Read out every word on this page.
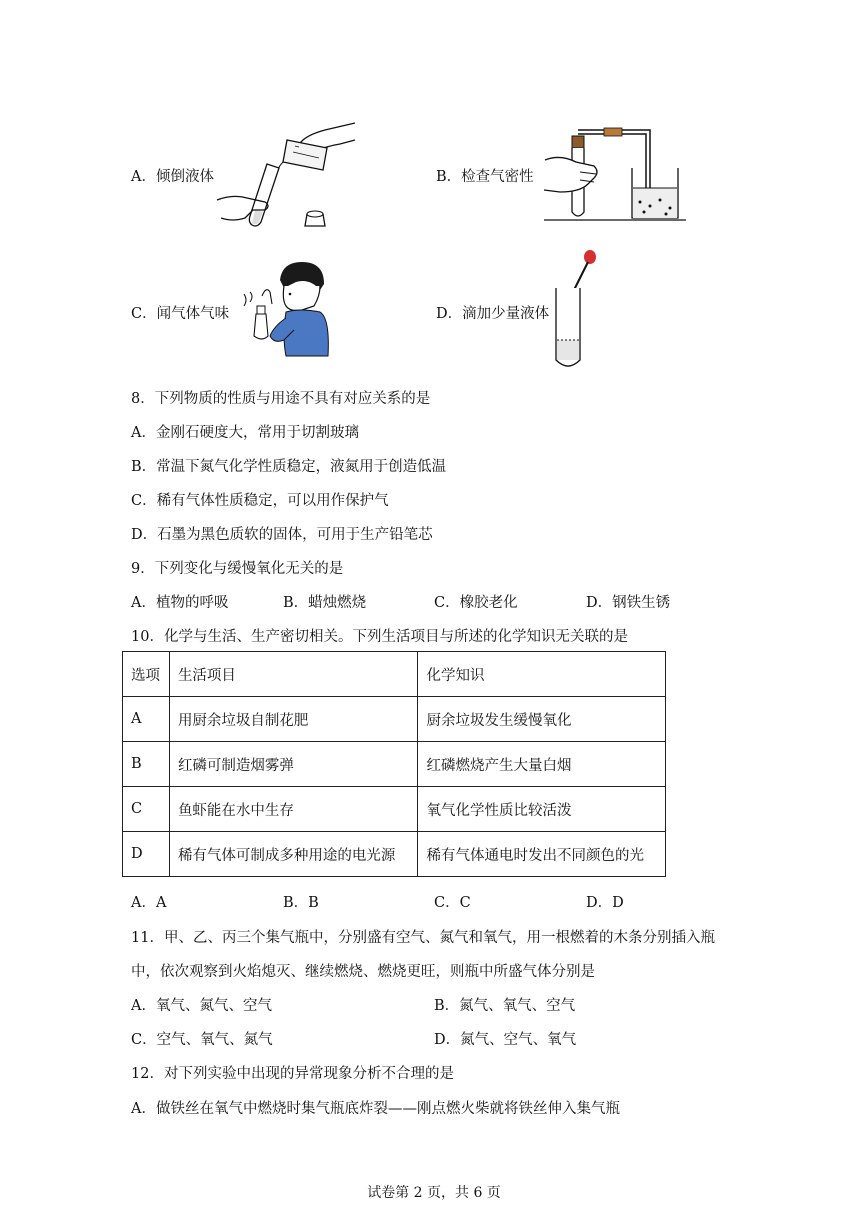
A．倾倒液体	B．检查气密性
C．闻气体气味	D．滴加少量液体
8．下列物质的性质与用途不具有对应关系的是
A．金刚石硬度大，常用于切割玻璃
B．常温下氮气化学性质稳定，液氮用于创造低温
C．稀有气体性质稳定，可以用作保护气
D．石墨为黑色质软的固体，可用于生产铅笔芯
9．下列变化与缓慢氧化无关的是
A．植物的呼吸	B．蜡烛燃烧	C．橡胶老化	D．钢铁生锈
10．化学与生活、生产密切相关。下列生活项目与所述的化学知识无关联的是
选项	生活项目	化学知识
A	用厨余垃圾自制花肥	厨余垃圾发生缓慢氧化
B	红磷可制造烟雾弹	红磷燃烧产生大量白烟
C	鱼虾能在水中生存	氧气化学性质比较活泼
D	稀有气体可制成多种用途的电光源	稀有气体通电时发出不同颜色的光
A．A	B．B	C．C	D．D
11．甲、乙、丙三个集气瓶中，分别盛有空气、氮气和氧气，用一根燃着的木条分别插入瓶
中，依次观察到火焰熄灭、继续燃烧、燃烧更旺，则瓶中所盛气体分别是
A．氧气、氮气、空气	B．氮气、氧气、空气
C．空气、氧气、氮气	D．氮气、空气、氧气
12．对下列实验中出现的异常现象分析不合理的是
A．做铁丝在氧气中燃烧时集气瓶底炸裂——刚点燃火柴就将铁丝伸入集气瓶
试卷第 2 页，共 6 页
